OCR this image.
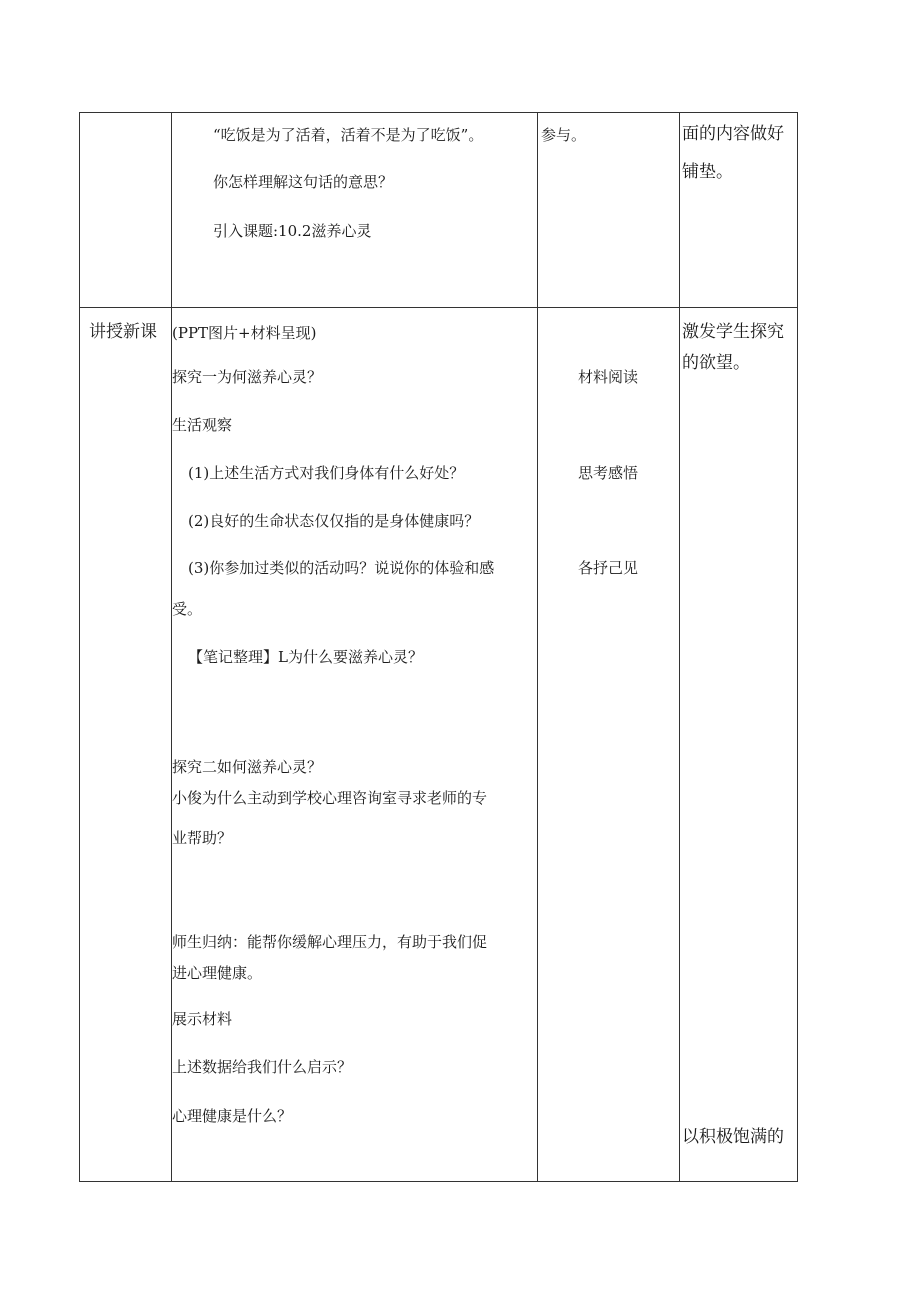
“吃饭是为了活着，活着不是为了吃饭”。
你怎样理解这句话的意思？
引入课题:10.2滋养心灵
参与。	面的内容做好
铺垫。
讲授新课 (PPT图片+材料呈现)
探究一为何滋养心灵？
生活观察
(1)上述生活方式对我们身体有什么好处？
(2)良好的生命状态仅仅指的是身体健康吗？
(3)你参加过类似的活动吗？说说你的体验和感
受。
【笔记整理】L为什么要滋养心灵？
探究二如何滋养心灵？
小俊为什么主动到学校心理咨询室寻求老师的专
业帮助？
师生归纳：能帮你缓解心理压力，有助于我们促
进心理健康。
展示材料
上述数据给我们什么启示？
心理健康是什么？
材料阅读
思考感悟
各抒己见
激发学生探究
的欲望。
以积极饱满的
